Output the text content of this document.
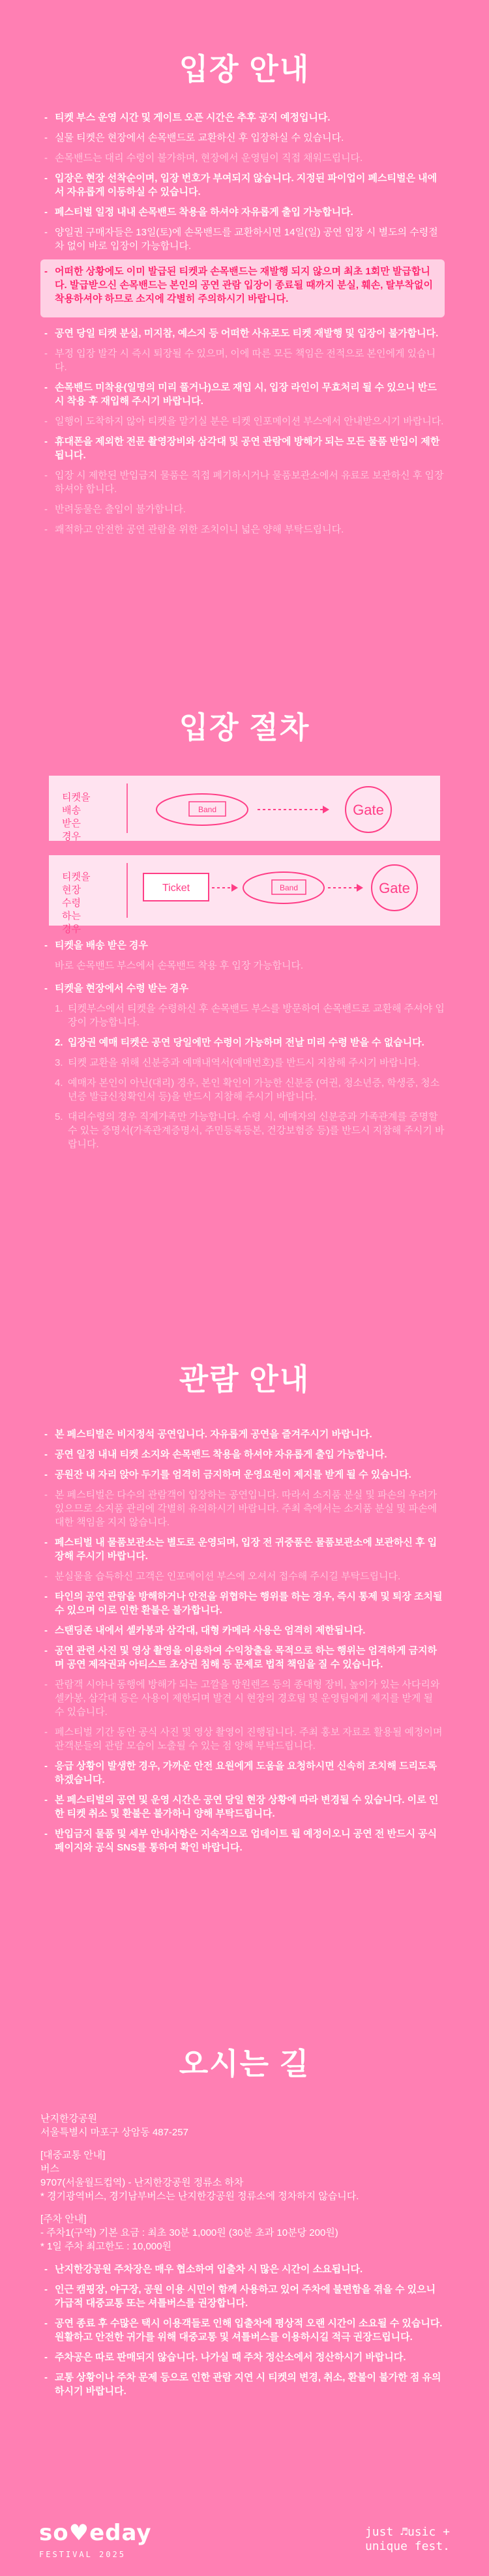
입장 안내
- 티켓 부스 운영 시간 및 게이트 오픈 시간은 추후 공지 예정입니다.
- 실물 티켓은 현장에서 손목밴드로 교환하신 후 입장하실 수 있습니다.
- 손목밴드는 대리 수령이 불가하며, 현장에서 운영팀이 직접 채워드립니다.
- 입장은 현장 선착순이며, 입장 번호가 부여되지 않습니다. 지정된 파이업이 페스티벌은 내에서 자유롭게 이동하실 수 있습니다.
- 페스티벌 일정 내내 손목밴드 착용을 하셔야 자유롭게 출입 가능합니다.
- 양일권 구매자들은 13일(토)에 손목밴드를 교환하시면 14일(일) 공연 입장 시 별도의 수령절차 없이 바로 입장이 가능합니다.
- 어떠한 상황에도 이미 발급된 티켓과 손목밴드는 재발행 되지 않으며 최초 1회만 발급합니다. 발급받으신 손목밴드는 본인의 공연 관람 입장이 종료될 때까지 분실, 훼손, 탈부착없이 착용하셔야 하므로 소지에 각별히 주의하시기 바랍니다.
- 공연 당일 티켓 분실, 미지참, 예스지 등 어떠한 사유로도 티켓 재발행 및 입장이 불가합니다.
- 부정 입장 발각 시 즉시 퇴장될 수 있으며, 이에 따른 모든 책임은 전적으로 본인에게 있습니다.
- 손목밴드 미착용(일명의 미리 풀거나)으로 재입 시, 입장 라인이 무효처리 될 수 있으니 반드시 착용 후 재입해 주시기 바랍니다.
- 일행이 도착하지 않아 티켓을 맡기실 분은 티켓 인포메이션 부스에서 안내받으시기 바랍니다.
- 휴대폰을 제외한 전문 촬영장비와 삼각대 및 공연 관람에 방해가 되는 모든 물품 반입이 제한됩니다.
- 입장 시 제한된 반입금지 물품은 직접 폐기하시거나 물품보관소에서 유료로 보관하신 후 입장하셔야 합니다.
- 반려동물은 출입이 불가합니다.
- 쾌적하고 안전한 공연 관람을 위한 조치이니 넓은 양해 부탁드립니다.
입장 절차
티켓을 배송 받은 경우
Band	Gate
티켓을 현장 수령 하는 경우
Ticket	Band	Gate
- 티켓을 배송 받은 경우
바로 손목밴드 부스에서 손목밴드 착용 후 입장 가능합니다.
- 티켓을 현장에서 수령 받는 경우
1. 티켓부스에서 티켓을 수령하신 후 손목밴드 부스를 방문하여 손목밴드로 교환해 주셔야 입장이 가능합니다.
2. 입장권 예매 티켓은 공연 당일에만 수령이 가능하며 전날 미리 수령 받을 수 없습니다.
3. 티켓 교환을 위해 신분증과 예매내역서(예매번호)를 반드시 지참해 주시기 바랍니다.
4. 예매자 본인이 아닌(대리) 경우, 본인 확인이 가능한 신분증 (여권, 청소년증, 학생증, 청소년증 발급신청확인서 등)을 반드시 지참해 주시기 바랍니다.
5. 대리수령의 경우 직계가족만 가능합니다. 수령 시, 예매자의 신분증과 가족관계를 증명할 수 있는 증명서(가족관계증명서, 주민등록등본, 건강보험증 등)를 반드시 지참해 주시기 바랍니다.
관람 안내
- 본 페스티벌은 비지정석 공연입니다. 자유롭게 공연을 즐겨주시기 바랍니다.
- 공연 일정 내내 티켓 소지와 손목밴드 착용을 하셔야 자유롭게 출입 가능합니다.
- 공원잔 내 자리 앉아 두기를 엄격히 금지하며 운영요원이 제지를 받게 될 수 있습니다.
- 본 페스티벌은 다수의 관람객이 입장하는 공연입니다. 따라서 소지품 분실 및 파손의 우려가 있으므로 소지품 관리에 각별히 유의하시기 바랍니다. 주최 측에서는 소지품 분실 및 파손에 대한 책임을 지지 않습니다.
- 페스티벌 내 물품보관소는 별도로 운영되며, 입장 전 귀중품은 물품보관소에 보관하신 후 입장해 주시기 바랍니다.
- 분실물을 습득하신 고객은 인포메이션 부스에 오셔서 접수해 주시길 부탁드립니다.
- 타인의 공연 관람을 방해하거나 안전을 위협하는 행위를 하는 경우, 즉시 통제 및 퇴장 조치될 수 있으며 이로 인한 환불은 불가합니다.
- 스탠딩존 내에서 셀카봉과 삼각대, 대형 카메라 사용은 엄격히 제한됩니다.
- 공연 관련 사진 및 영상 촬영을 이용하여 수익창출을 목적으로 하는 행위는 엄격하게 금지하며 공연 제작권과 아티스트 초상권 침해 등 문제로 법적 책임을 질 수 있습니다.
- 관람객 시야나 동행에 방해가 되는 고깔을 망원렌즈 등의 종대형 장비, 높이가 있는 사다리와 셀카봉, 삼각대 등은 사용이 제한되며 발견 시 현장의 경호팀 및 운영팀에게 제지를 받게 될 수 있습니다.
- 페스티벌 기간 동안 공식 사진 및 영상 촬영이 진행됩니다. 주최 홍보 자료로 활용될 예정이며 관객분들의 관람 모습이 노출될 수 있는 점 양해 부탁드립니다.
- 응급 상황이 발생한 경우, 가까운 안전 요원에게 도움을 요청하시면 신속히 조치해 드리도록 하겠습니다.
- 본 페스티벌의 공연 및 운영 시간은 공연 당일 현장 상황에 따라 변경될 수 있습니다. 이로 인한 티켓 취소 및 환불은 불가하니 양해 부탁드립니다.
- 반입금지 물품 및 세부 안내사항은 지속적으로 업데이트 될 예정이오니 공연 전 반드시 공식 페이지와 공식 SNS를 통하여 확인 바랍니다.
오시는 길
난지한강공원
서울특별시 마포구 상암동 487-257
[대중교통 안내]
버스
9707(서울월드컵역) - 난지한강공원 정류소 하차
* 경기광역버스, 경기남부버스는 난지한강공원 정류소에 정차하지 않습니다.
[주차 안내]
- 주차1(구역) 기본 요금 : 최초 30분 1,000원 (30분 초과 10분당 200원)
* 1일 주차 최고한도 : 10,000원
- 난지한강공원 주차장은 매우 협소하여 입출차 시 많은 시간이 소요됩니다.
- 인근 캠핑장, 야구장, 공원 이용 시민이 함께 사용하고 있어 주차에 불편함을 겪을 수 있으니 가급적 대중교통 또는 셔틀버스를 권장합니다.
- 공연 종료 후 수많은 택시 이용객들로 인해 입출차에 평상적 오랜 시간이 소요될 수 있습니다. 원활하고 안전한 귀가를 위해 대중교통 및 셔틀버스를 이용하시길 적극 권장드립니다.
- 주차공은 따로 판매되지 않습니다. 나가실 때 주차 정산소에서 정산하시기 바랍니다.
- 교통 상황이나 주차 문제 등으로 인한 관람 지연 시 티켓의 변경, 취소, 환불이 불가한 점 유의하시기 바랍니다.
so♥eday
FESTIVAL 2025
just ♬usic +
unique fest.
